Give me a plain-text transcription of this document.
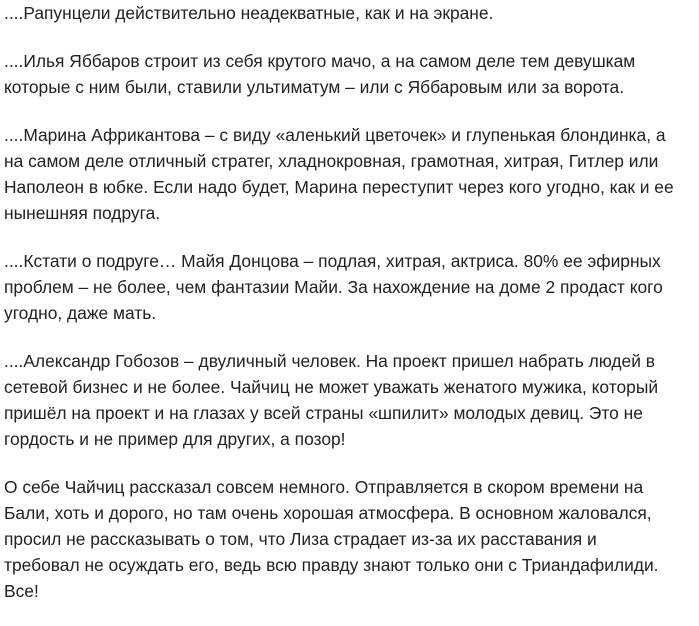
....Рапунцели действительно неадекватные, как и на экране.

....Илья Яббаров строит из себя крутого мачо, а на самом деле тем девушкам
которые с ним были, ставили ультиматум – или с Яббаровым или за ворота.

....Марина Африкантова – с виду «аленький цветочек» и глупенькая блондинка, а
на самом деле отличный стратег, хладнокровная, грамотная, хитрая, Гитлер или
Наполеон в юбке. Если надо будет, Марина переступит через кого угодно, как и ее
нынешняя подруга.

....Кстати о подруге… Майя Донцова – подлая, хитрая, актриса. 80% ее эфирных
проблем – не более, чем фантазии Майи. За нахождение на доме 2 продаст кого
угодно, даже мать.

....Александр Гобозов – двуличный человек. На проект пришел набрать людей в
сетевой бизнес и не более. Чайчиц не может уважать женатого мужика, который
пришёл на проект и на глазах у всей страны «шпилит» молодых девиц. Это не
гордость и не пример для других, а позор!

О себе Чайчиц рассказал совсем немного. Отправляется в скором времени на
Бали, хоть и дорого, но там очень хорошая атмосфера. В основном жаловался,
просил не рассказывать о том, что Лиза страдает из-за их расставания и
требовал не осуждать его, ведь всю правду знают только они с Триандафилиди.
Все!
